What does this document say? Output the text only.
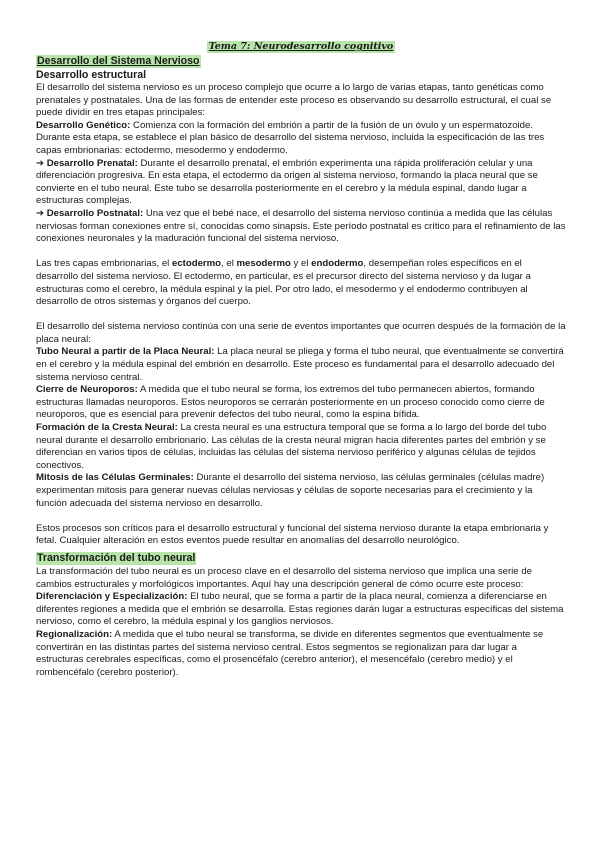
Tema 7: Neurodesarrollo cognitivo
Desarrollo del Sistema Nervioso
Desarrollo estructural

El desarrollo del sistema nervioso es un proceso complejo que ocurre a lo largo de varias etapas, tanto genéticas como prenatales y postnatales. Una de las formas de entender este proceso es observando su desarrollo estructural, el cual se puede dividir en tres etapas principales:

Desarrollo Genético: Comienza con la formación del embrión a partir de la fusión de un óvulo y un espermatozoide. Durante esta etapa, se establece el plan básico de desarrollo del sistema nervioso, incluida la especificación de las tres capas embrionarias: ectodermo, mesodermo y endodermo.

➔ Desarrollo Prenatal: Durante el desarrollo prenatal, el embrión experimenta una rápida proliferación celular y una diferenciación progresiva. En esta etapa, el ectodermo da origen al sistema nervioso, formando la placa neural que se convierte en el tubo neural. Este tubo se desarrolla posteriormente en el cerebro y la médula espinal, dando lugar a estructuras complejas.

➔ Desarrollo Postnatal: Una vez que el bebé nace, el desarrollo del sistema nervioso continúa a medida que las células nerviosas forman conexiones entre sí, conocidas como sinapsis. Este período postnatal es crítico para el refinamiento de las conexiones neuronales y la maduración funcional del sistema nervioso.

Las tres capas embrionarias, el ectodermo, el mesodermo y el endodermo, desempeñan roles específicos en el desarrollo del sistema nervioso. El ectodermo, en particular, es el precursor directo del sistema nervioso y da lugar a estructuras como el cerebro, la médula espinal y la piel. Por otro lado, el mesodermo y el endodermo contribuyen al desarrollo de otros sistemas y órganos del cuerpo.

El desarrollo del sistema nervioso continúa con una serie de eventos importantes que ocurren después de la formación de la placa neural:

Tubo Neural a partir de la Placa Neural: La placa neural se pliega y forma el tubo neural, que eventualmente se convertirá en el cerebro y la médula espinal del embrión en desarrollo. Este proceso es fundamental para el desarrollo adecuado del sistema nervioso central.

Cierre de Neuroporos: A medida que el tubo neural se forma, los extremos del tubo permanecen abiertos, formando estructuras llamadas neuroporos. Estos neuroporos se cerrarán posteriormente en un proceso conocido como cierre de neuroporos, que es esencial para prevenir defectos del tubo neural, como la espina bífida.

Formación de la Cresta Neural: La cresta neural es una estructura temporal que se forma a lo largo del borde del tubo neural durante el desarrollo embrionario. Las células de la cresta neural migran hacia diferentes partes del embrión y se diferencian en varios tipos de células, incluidas las células del sistema nervioso periférico y algunas células de tejidos conectivos.

Mitosis de las Células Germinales: Durante el desarrollo del sistema nervioso, las células germinales (células madre) experimentan mitosis para generar nuevas células nerviosas y células de soporte necesarias para el crecimiento y la función adecuada del sistema nervioso en desarrollo.

Estos procesos son críticos para el desarrollo estructural y funcional del sistema nervioso durante la etapa embrionaria y fetal. Cualquier alteración en estos eventos puede resultar en anomalías del desarrollo neurológico.

Transformación del tubo neural

La transformación del tubo neural es un proceso clave en el desarrollo del sistema nervioso que implica una serie de cambios estructurales y morfológicos importantes. Aquí hay una descripción general de cómo ocurre este proceso:

Diferenciación y Especialización: El tubo neural, que se forma a partir de la placa neural, comienza a diferenciarse en diferentes regiones a medida que el embrión se desarrolla. Estas regiones darán lugar a estructuras específicas del sistema nervioso, como el cerebro, la médula espinal y los ganglios nerviosos.

Regionalización: A medida que el tubo neural se transforma, se divide en diferentes segmentos que eventualmente se convertirán en las distintas partes del sistema nervioso central. Estos segmentos se regionalizan para dar lugar a estructuras cerebrales específicas, como el prosencéfalo (cerebro anterior), el mesencéfalo (cerebro medio) y el rombencéfalo (cerebro posterior).
